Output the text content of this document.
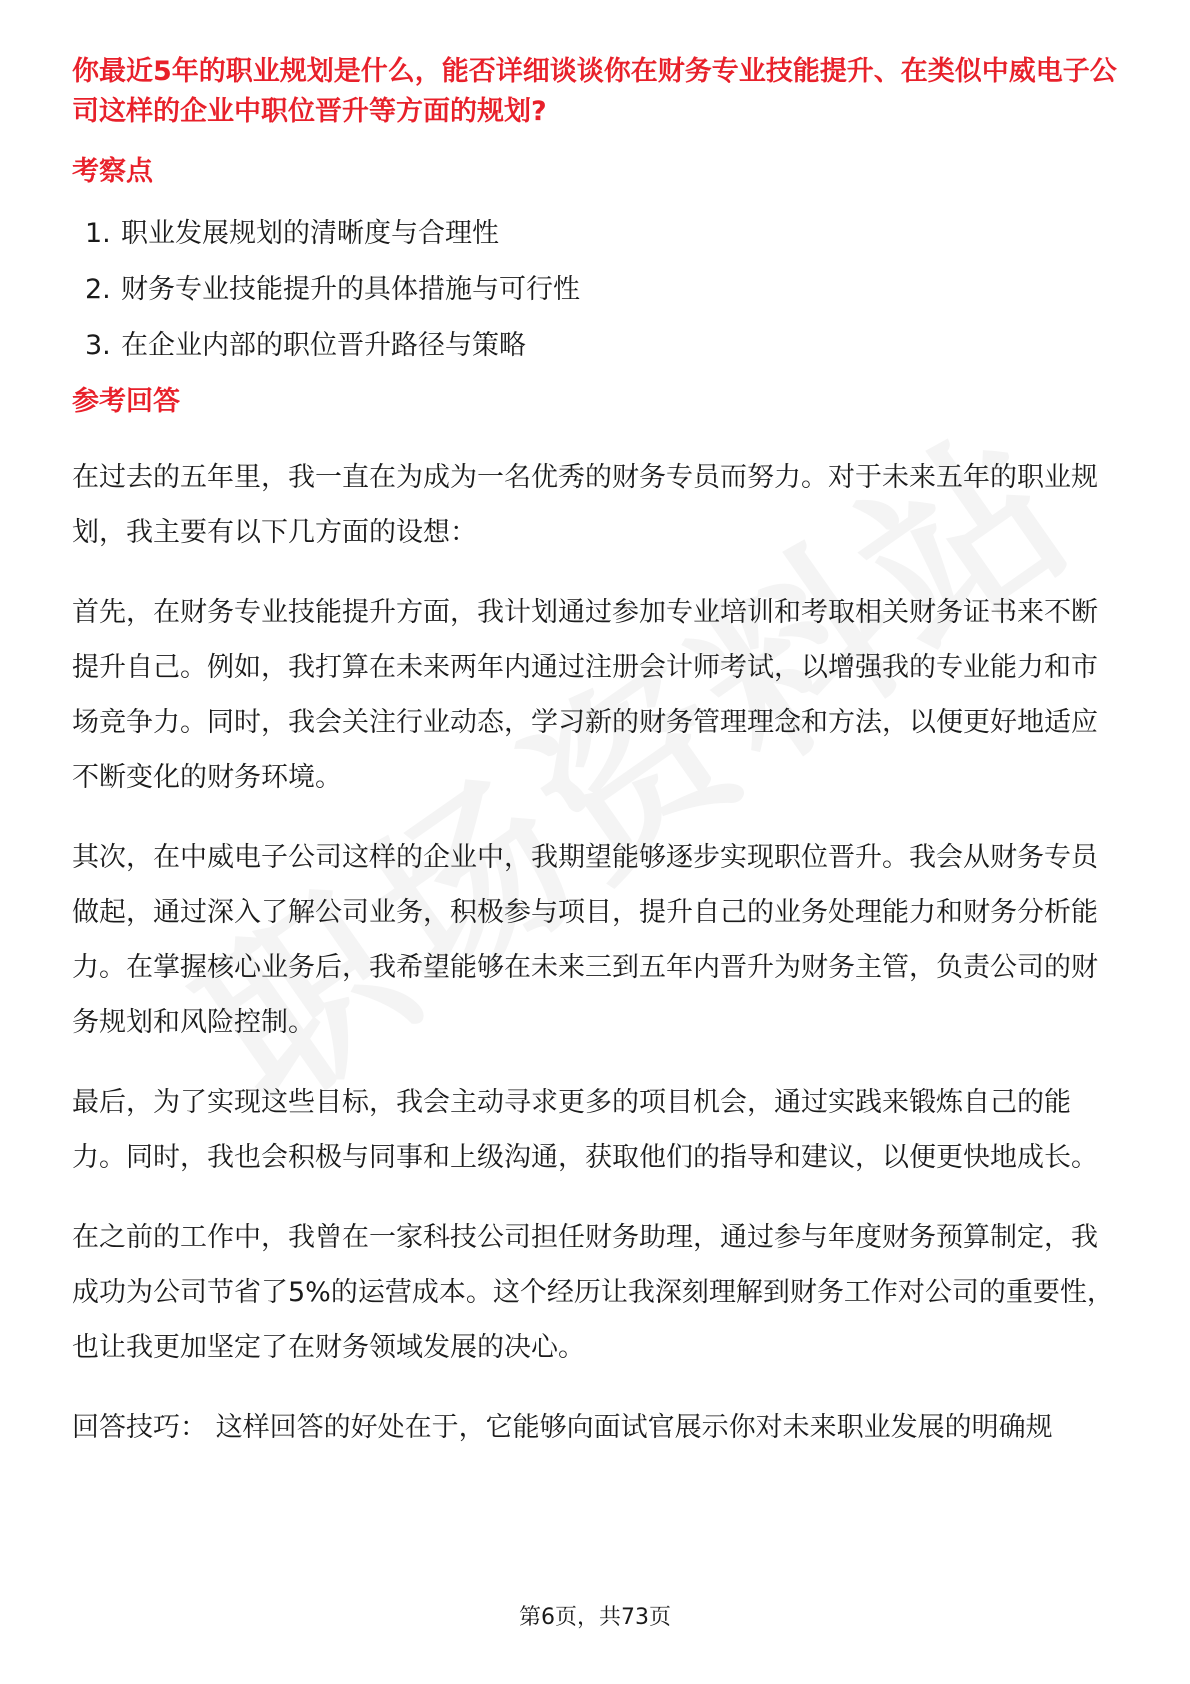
你最近5年的职业规划是什么，能否详细谈谈你在财务专业技能提升、在类似中威电子公司这样的企业中职位晋升等方面的规划?

考察点
1. 职业发展规划的清晰度与合理性
2. 财务专业技能提升的具体措施与可行性
3. 在企业内部的职位晋升路径与策略
参考回答

在过去的五年里，我一直在为成为一名优秀的财务专员而努力。对于未来五年的职业规划，我主要有以下几方面的设想：

首先，在财务专业技能提升方面，我计划通过参加专业培训和考取相关财务证书来不断提升自己。例如，我打算在未来两年内通过注册会计师考试，以增强我的专业能力和市场竞争力。同时，我会关注行业动态，学习新的财务管理理念和方法，以便更好地适应不断变化的财务环境。

其次，在中威电子公司这样的企业中，我期望能够逐步实现职位晋升。我会从财务专员做起，通过深入了解公司业务，积极参与项目，提升自己的业务处理能力和财务分析能力。在掌握核心业务后，我希望能够在未来三到五年内晋升为财务主管，负责公司的财务规划和风险控制。

最后，为了实现这些目标，我会主动寻求更多的项目机会，通过实践来锻炼自己的能力。同时，我也会积极与同事和上级沟通，获取他们的指导和建议，以便更快地成长。

在之前的工作中，我曾在一家科技公司担任财务助理，通过参与年度财务预算制定，我成功为公司节省了5%的运营成本。这个经历让我深刻理解到财务工作对公司的重要性，也让我更加坚定了在财务领域发展的决心。

回答技巧： 这样回答的好处在于，它能够向面试官展示你对未来职业发展的明确规

第6页，共73页
